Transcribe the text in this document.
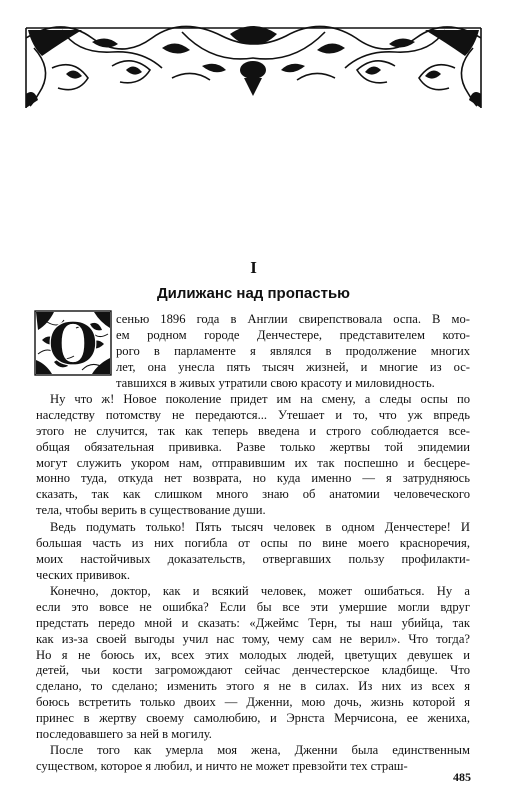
I
Дилижанс над пропастью
О сенью 1896 года в Англии свирепствовала оспа. В мо-
ем родном городе Денчестере, представителем кото-
рого в парламенте я являлся в продолжение многих
лет, она унесла пять тысяч жизней, и многие из ос-
тавшихся в живых утратили свою красоту и миловидность.
Ну что ж! Новое поколение придет им на смену, а следы оспы по
наследству потомству не передаются... Утешает и то, что уж впредь
этого не случится, так как теперь введена и строго соблюдается все-
общая обязательная прививка. Разве только жертвы той эпидемии
могут служить укором нам, отправившим их так поспешно и бесцере-
монно туда, откуда нет возврата, но куда именно — я затрудняюсь
сказать, так как слишком много знаю об анатомии человеческого
тела, чтобы верить в существование души.
Ведь подумать только! Пять тысяч человек в одном Денчестере! И
большая часть из них погибла от оспы по вине моего красноречия,
моих настойчивых доказательств, отвергавших пользу профилакти-
ческих прививок.
Конечно, доктор, как и всякий человек, может ошибаться. Ну а
если это вовсе не ошибка? Если бы все эти умершие могли вдруг
предстать передо мной и сказать: «Джеймс Терн, ты наш убийца, так
как из-за своей выгоды учил нас тому, чему сам не верил». Что тогда?
Но я не боюсь их, всех этих молодых людей, цветущих девушек и
детей, чьи кости загромождают сейчас денчестерское кладбище. Что
сделано, то сделано; изменить этого я не в силах. Из них из всех я
боюсь встретить только двоих — Дженни, мою дочь, жизнь которой я
принес в жертву своему самолюбию, и Эрнста Мерчисона, ее жениха,
последовавшего за ней в могилу.
После того как умерла моя жена, Дженни была единственным
существом, которое я любил, и ничто не может превзойти тех страш-
485
